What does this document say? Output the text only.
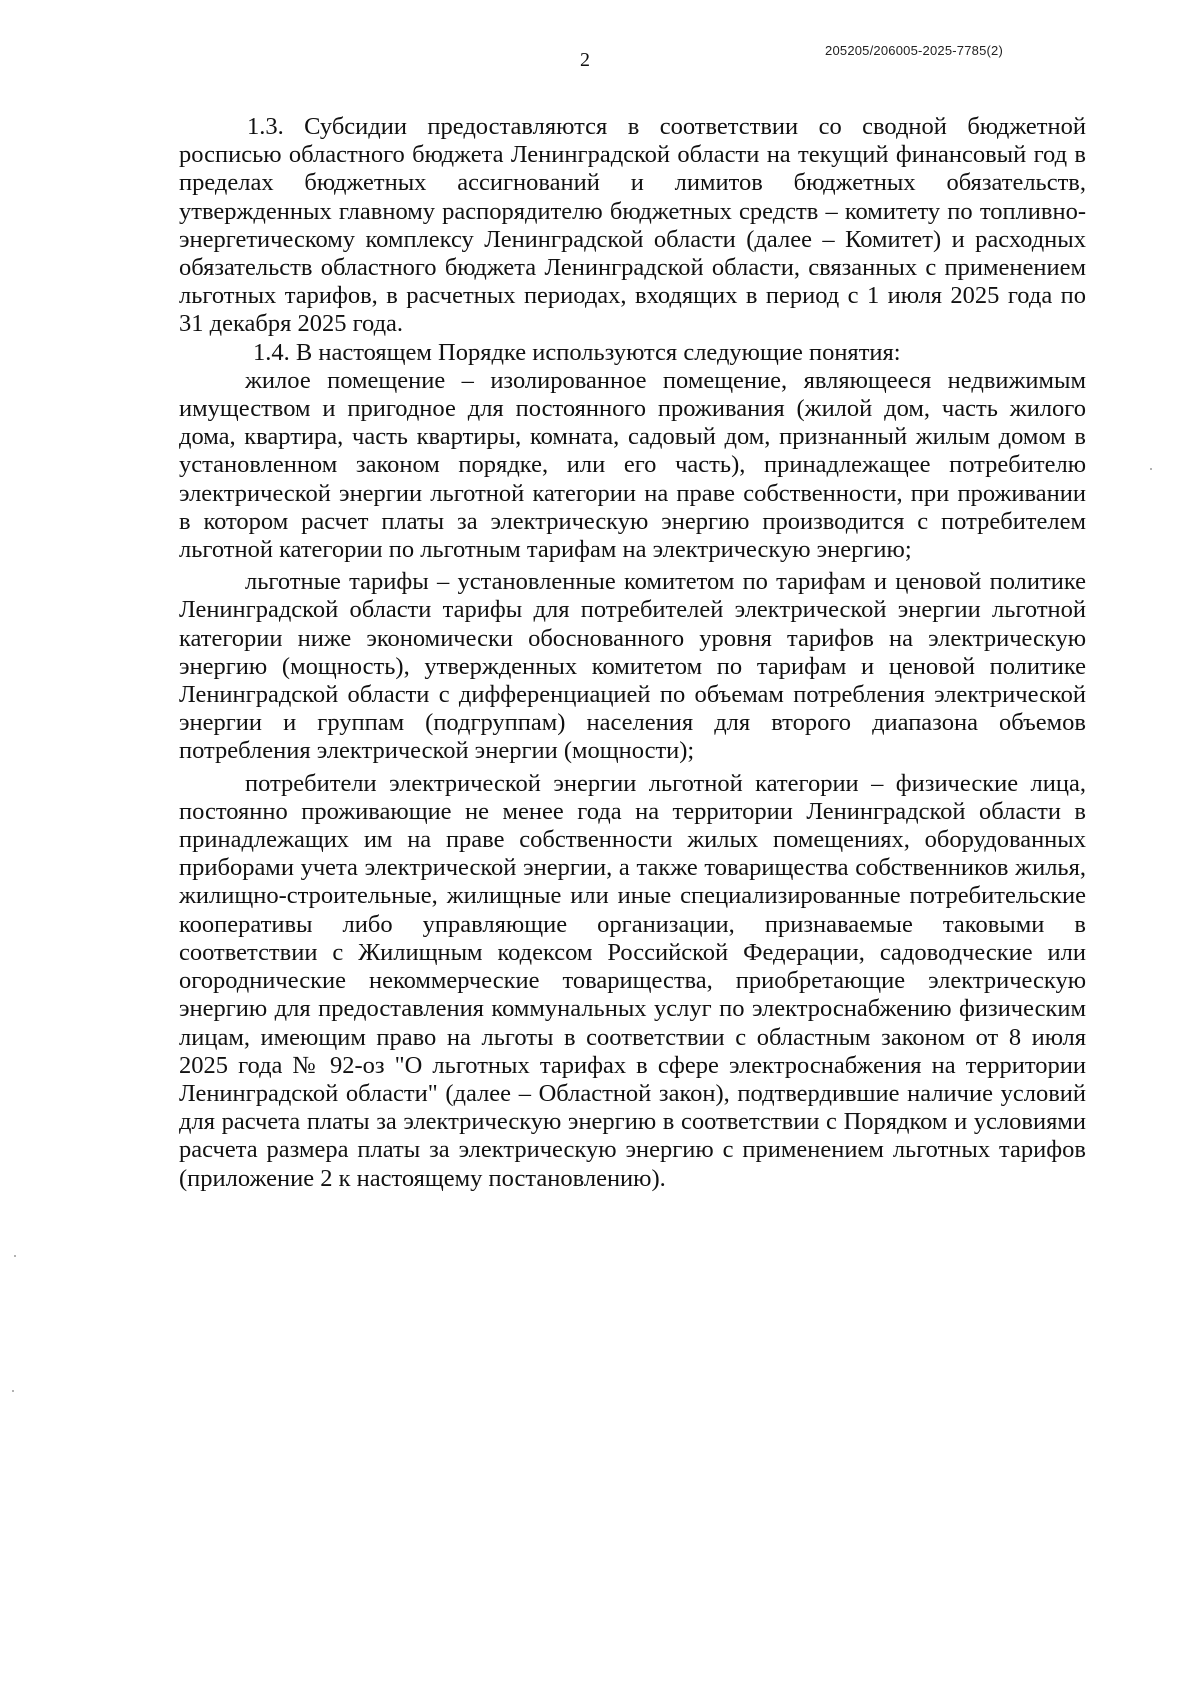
205205/206005-2025-7785(2)
2

1.3. Субсидии предоставляются в соответствии со сводной бюджетной росписью областного бюджета Ленинградской области на текущий финансовый год в пределах бюджетных ассигнований и лимитов бюджетных обязательств, утвержденных главному распорядителю бюджетных средств – комитету по топливно-энергетическому комплексу Ленинградской области (далее – Комитет) и расходных обязательств областного бюджета Ленинградской области, связанных с применением льготных тарифов, в расчетных периодах, входящих в период с 1 июля 2025 года по 31 декабря 2025 года.

1.4. В настоящем Порядке используются следующие понятия:

жилое помещение – изолированное помещение, являющееся недвижимым имуществом и пригодное для постоянного проживания (жилой дом, часть жилого дома, квартира, часть квартиры, комната, садовый дом, признанный жилым домом в установленном законом порядке, или его часть), принадлежащее потребителю электрической энергии льготной категории на праве собственности, при проживании в котором расчет платы за электрическую энергию производится с потребителем льготной категории по льготным тарифам на электрическую энергию;

льготные тарифы – установленные комитетом по тарифам и ценовой политике Ленинградской области тарифы для потребителей электрической энергии льготной категории ниже экономически обоснованного уровня тарифов на электрическую энергию (мощность), утвержденных комитетом по тарифам и ценовой политике Ленинградской области с дифференциацией по объемам потребления электрической энергии и группам (подгруппам) населения для второго диапазона объемов потребления электрической энергии (мощности);

потребители электрической энергии льготной категории – физические лица, постоянно проживающие не менее года на территории Ленинградской области в принадлежащих им на праве собственности жилых помещениях, оборудованных приборами учета электрической энергии, а также товарищества собственников жилья, жилищно-строительные, жилищные или иные специализированные потребительские кооперативы либо управляющие организации, признаваемые таковыми в соответствии с Жилищным кодексом Российской Федерации, садоводческие или огороднические некоммерческие товарищества, приобретающие электрическую энергию для предоставления коммунальных услуг по электроснабжению физическим лицам, имеющим право на льготы в соответствии с областным законом от 8 июля 2025 года № 92-оз "О льготных тарифах в сфере электроснабжения на территории Ленинградской области" (далее – Областной закон), подтвердившие наличие условий для расчета платы за электрическую энергию в соответствии с Порядком и условиями расчета размера платы за электрическую энергию с применением льготных тарифов (приложение 2 к настоящему постановлению).
